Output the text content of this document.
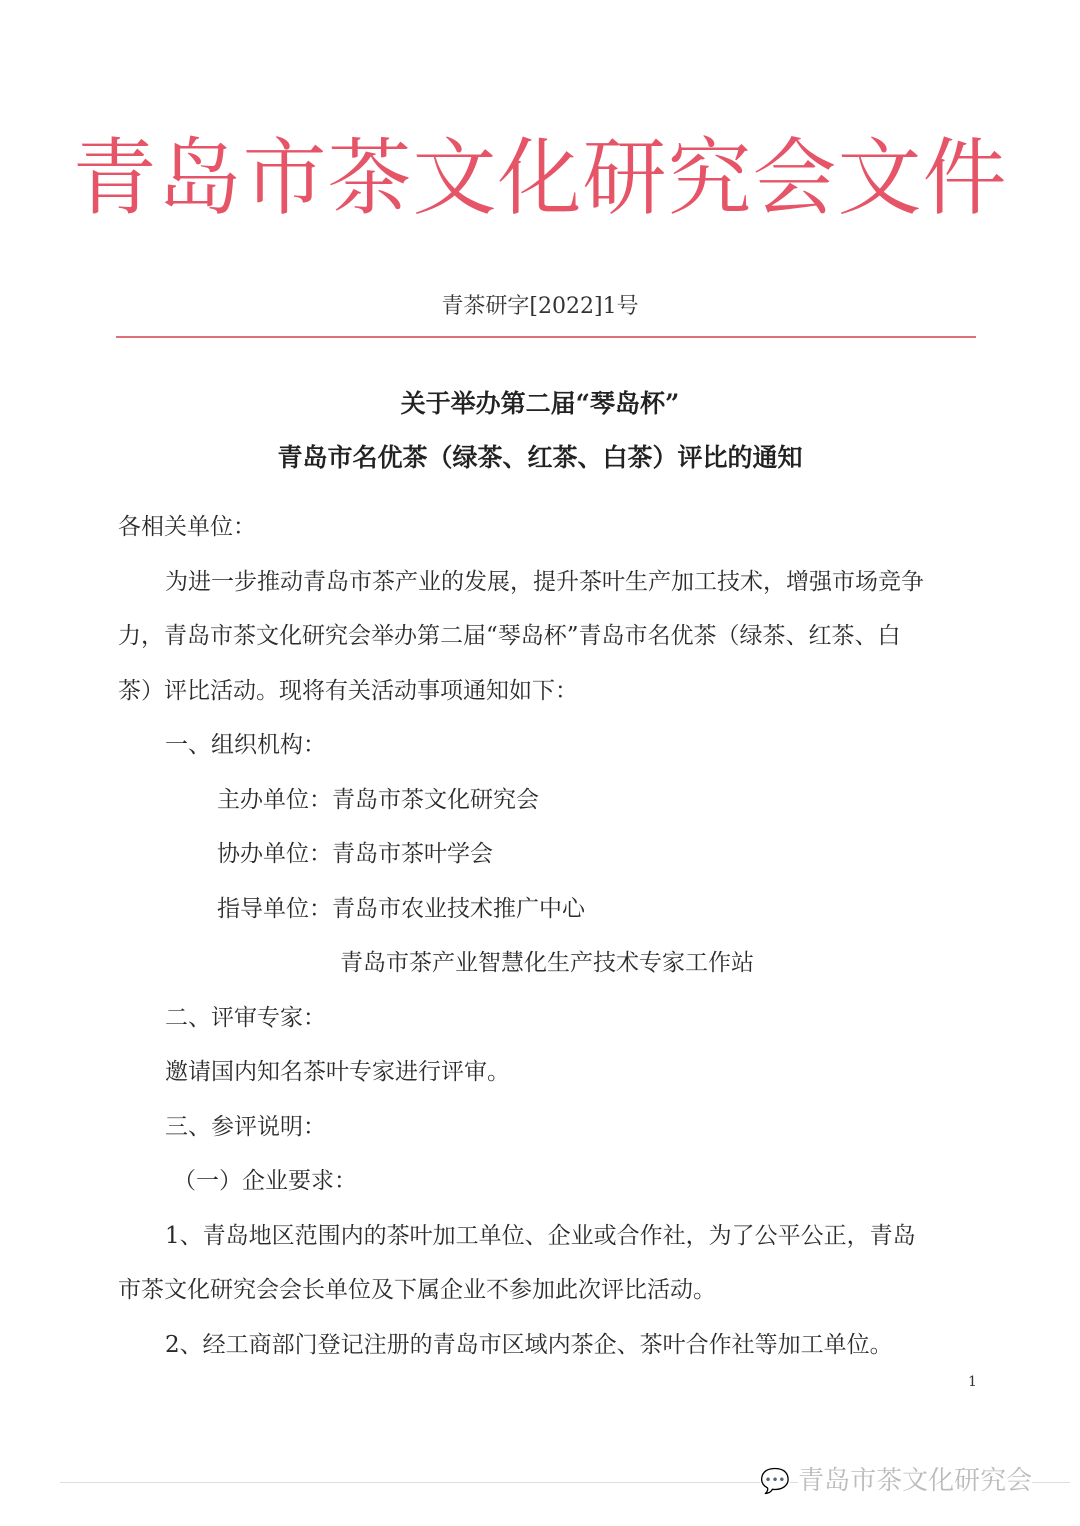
青岛市茶文化研究会文件
青茶研字[2022]1号
关于举办第二届“琴岛杯”
青岛市名优茶（绿茶、红茶、白茶）评比的通知
各相关单位：
为进一步推动青岛市茶产业的发展，提升茶叶生产加工技术，增强市场竞争
力，青岛市茶文化研究会举办第二届“琴岛杯”青岛市名优茶（绿茶、红茶、白
茶）评比活动。现将有关活动事项通知如下：
一、组织机构：
主办单位：青岛市茶文化研究会
协办单位：青岛市茶叶学会
指导单位：青岛市农业技术推广中心
青岛市茶产业智慧化生产技术专家工作站
二、评审专家：
邀请国内知名茶叶专家进行评审。
三、参评说明：
（一）企业要求：
1、青岛地区范围内的茶叶加工单位、企业或合作社，为了公平公正，青岛
市茶文化研究会会长单位及下属企业不参加此次评比活动。
2、经工商部门登记注册的青岛市区域内茶企、茶叶合作社等加工单位。
1
💬 青岛市茶文化研究会
